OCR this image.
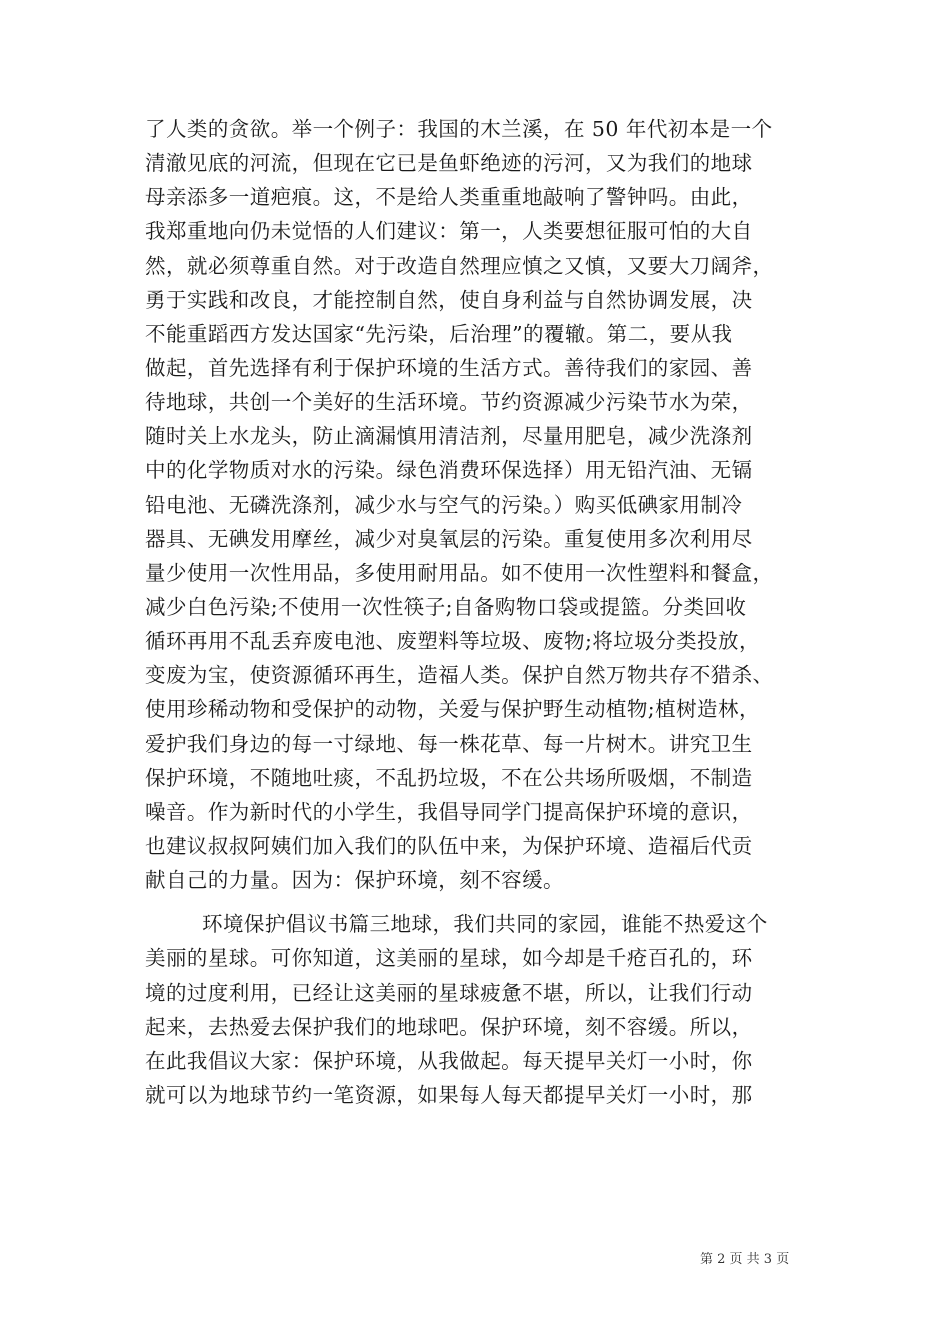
了人类的贪欲。举一个例子：我国的木兰溪，在 50 年代初本是一个
清澈见底的河流，但现在它已是鱼虾绝迹的污河，又为我们的地球
母亲添多一道疤痕。这，不是给人类重重地敲响了警钟吗。由此，
我郑重地向仍未觉悟的人们建议：第一，人类要想征服可怕的大自
然，就必须尊重自然。对于改造自然理应慎之又慎，又要大刀阔斧，
勇于实践和改良，才能控制自然，使自身利益与自然协调发展，决
不能重蹈西方发达国家“先污染，后治理”的覆辙。第二，要从我
做起，首先选择有利于保护环境的生活方式。善待我们的家园、善
待地球，共创一个美好的生活环境。节约资源减少污染节水为荣，
随时关上水龙头，防止滴漏慎用清洁剂，尽量用肥皂，减少洗涤剂
中的化学物质对水的污染。绿色消费环保选择）用无铅汽油、无镉
铅电池、无磷洗涤剂，减少水与空气的污染。）购买低碘家用制冷
器具、无碘发用摩丝，减少对臭氧层的污染。重复使用多次利用尽
量少使用一次性用品，多使用耐用品。如不使用一次性塑料和餐盒，
减少白色污染;不使用一次性筷子;自备购物口袋或提篮。分类回收
循环再用不乱丢弃废电池、废塑料等垃圾、废物;将垃圾分类投放，
变废为宝，使资源循环再生，造福人类。保护自然万物共存不猎杀、
使用珍稀动物和受保护的动物，关爱与保护野生动植物;植树造林，
爱护我们身边的每一寸绿地、每一株花草、每一片树木。讲究卫生
保护环境，不随地吐痰，不乱扔垃圾，不在公共场所吸烟，不制造
噪音。作为新时代的小学生，我倡导同学门提高保护环境的意识，
也建议叔叔阿姨们加入我们的队伍中来，为保护环境、造福后代贡
献自己的力量。因为：保护环境，刻不容缓。
环境保护倡议书篇三地球，我们共同的家园，谁能不热爱这个
美丽的星球。可你知道，这美丽的星球，如今却是千疮百孔的，环
境的过度利用，已经让这美丽的星球疲惫不堪，所以，让我们行动
起来，去热爱去保护我们的地球吧。保护环境，刻不容缓。所以，
在此我倡议大家：保护环境，从我做起。每天提早关灯一小时，你
就可以为地球节约一笔资源，如果每人每天都提早关灯一小时，那
第 2 页 共 3 页
